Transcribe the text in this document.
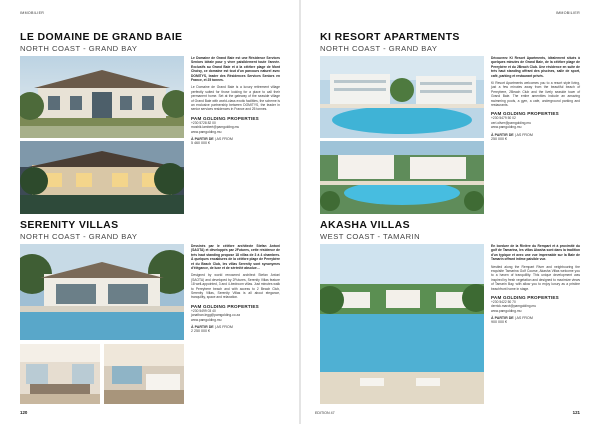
IMMOBILIER	IMMOBILIER
LE DOMAINE DE GRAND BAIE
NORTH COAST - GRAND BAY

Le Domaine de Grand Baie est une Résidence Services Seniors idéale pour y vivre paisiblement toute l'année. Exclusifs au Grand Baie et à la célèbre plage de Mont Choisy, ce domaine est tout d'un parcours naturel avec DOMITYS, leader des Résidences Services Seniors en France, et 25 tonnes.

Le Domaine de Grand Baie is a luxury retirement village perfectly suited for those looking for a place to call their permanent home. Set at the gateway of the seaside village of Grand Baie with world-class exotic facilities, the scheme is an exclusive partnership between DOMITYS, the leader in senior services residences in France and 25 tonnes.

PAM GOLDING PROPERTIES
+230 5728 82 00
moshik.lambert@pamgolding.mu
www.pamgolding.mu
À PARTIR DE | AS FROM
5 460 000 €
SERENITY VILLAS
NORTH COAST - GRAND BAY

Dessinés par le célèbre architecte Stefan Antoni (SAOTA) et développés par 2Futures, cette résidence de très haut standing propose 18 villas de 3 à 4 chambres. À quelques encablures de la célèbre plage de Pereybère et du Beach Club, les villas Serenity sont synonymes d'élégance, de luxe et de sérénité absolue…

Designed by world renowned architect Stefan Antoni (SAOTA) and developed by 2Futures, Serenity Villas feature 18 well-appointed, 3 and 4-bedroom villas. Just minutes walk to Pereybere beach and with access to 2 Beach Club, Serenity Villas, Serenity Villas is all about elegance, tranquility, space and relaxation.

PAM GOLDING PROPERTIES
+230 5499 03 40
jonathan.legg@pamgolding.co.za
www.pamgolding.mu
À PARTIR DE | AS FROM
2 250 000 €
KI RESORT APARTMENTS
NORTH COAST - GRAND BAY

Découvrez Ki Resort Apartments, idéalement situés à quelques minutes de Grand Baie, de la célèbre plage de Pereybère et du 2Beach Club. Une résidence en suite de très haut standing offrant des piscines, salle de sport, café, parking et restaurant privés.

Ki Resort Apartments welcomes you to a resort style living, just a few minutes away from the beautiful beach of Pereybere, 2Beach Club and the lively seaside town of Grand Baie. The entire amenities include an amazing swimming pools, a gym, a cafe, underground parking and restaurants.

PAM GOLDING PROPERTIES
+230 5479 50 02
ceri.oliver@pamgolding.mu
www.pamgolding.mu
À PARTIR DE | AS FROM
250 000 €
AKASHA VILLAS
WEST COAST - TAMARIN

En bordure de la Rivière du Rempart et à proximité du golf de Tamarina, les villas Akasha sont dans la tradition d'un typique et avec une vue imprenable sur la Baie de Tamarin offrant intime paisible vue.

Nestled along the Rempart River and neighbouring the exquisite Tamarina Golf Course, Akasha Villas welcome you to a haven of tranquillity. This unique development was inspired by fresh vegetation and designed to maximize views of Tamarin Bay, with allow you to enjoy luxury as a pristine beachfront home in stage.

PAM GOLDING PROPERTIES
+230 5422 50 70
derrick.marot@pamgolding.mu
www.pamgolding.mu
À PARTIR DE | AS FROM
900 000 €
120	EDITION 47	121
